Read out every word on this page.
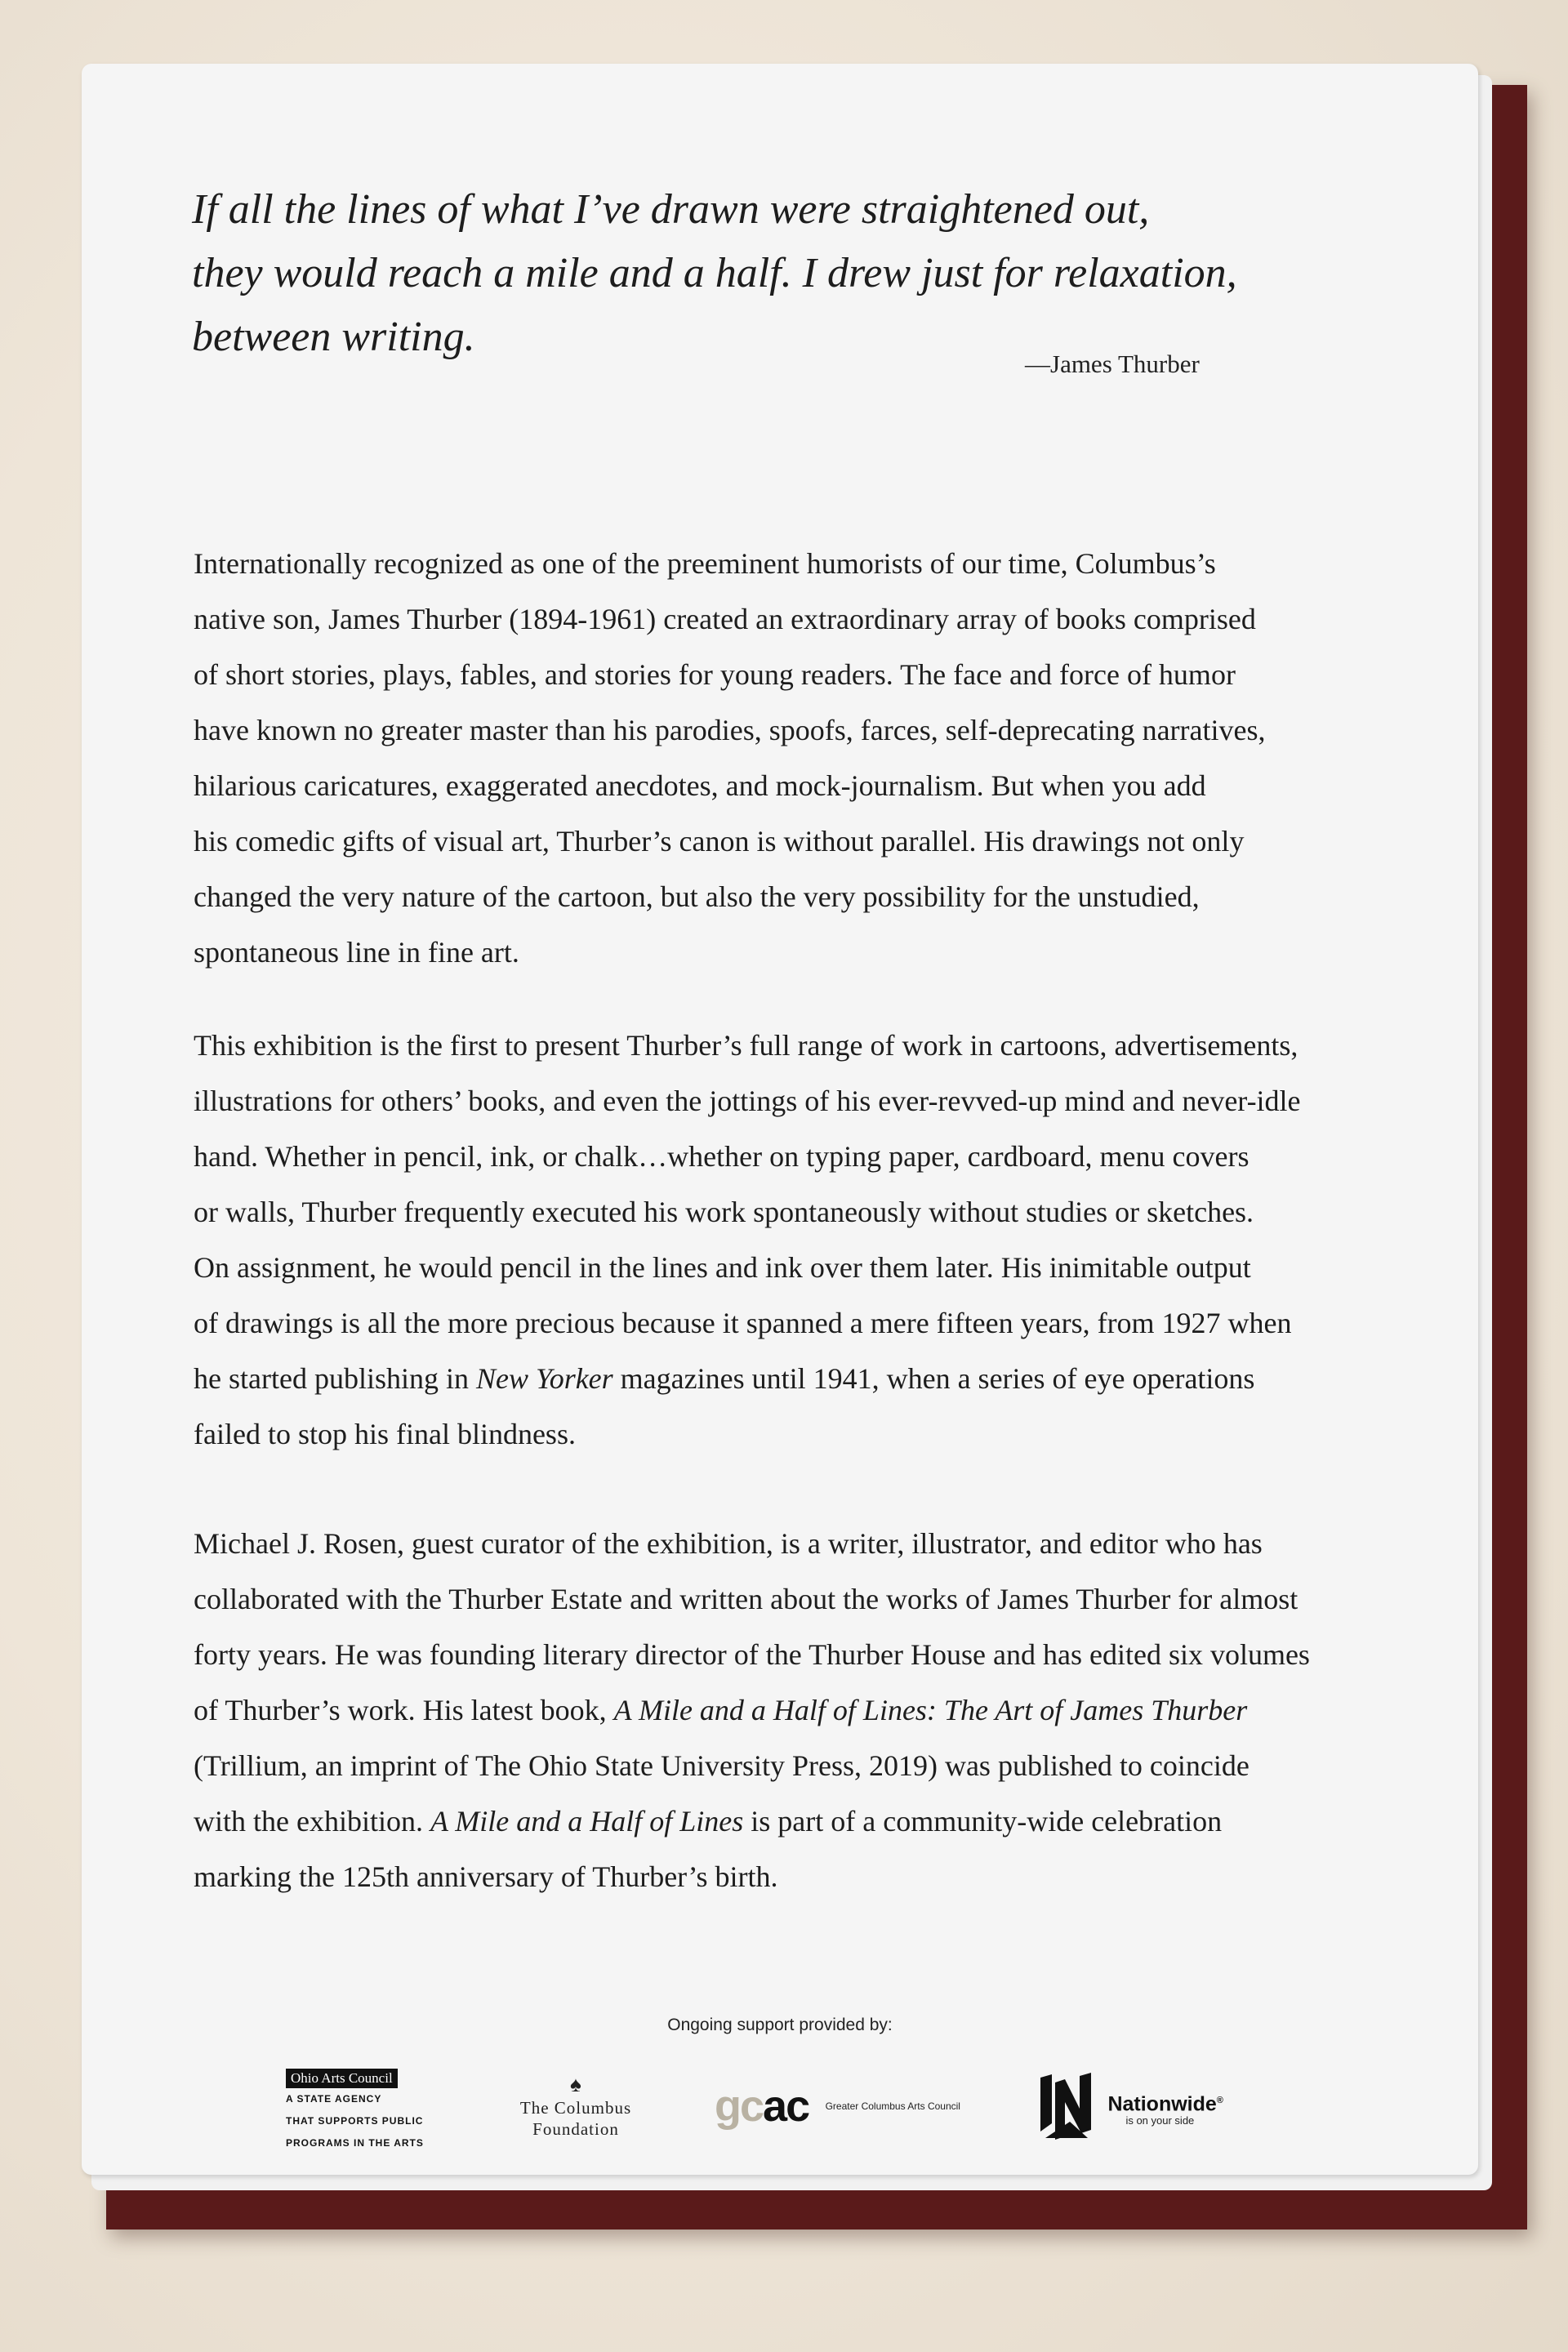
If all the lines of what I’ve drawn were straightened out,
they would reach a mile and a half. I drew just for relaxation,
between writing.
—James Thurber
Internationally recognized as one of the preeminent humorists of our time, Columbus’s
native son, James Thurber (1894-1961) created an extraordinary array of books comprised
of short stories, plays, fables, and stories for young readers. The face and force of humor
have known no greater master than his parodies, spoofs, farces, self-deprecating narratives,
hilarious caricatures, exaggerated anecdotes, and mock-journalism. But when you add
his comedic gifts of visual art, Thurber’s canon is without parallel. His drawings not only
changed the very nature of the cartoon, but also the very possibility for the unstudied,
spontaneous line in fine art.
This exhibition is the first to present Thurber’s full range of work in cartoons, advertisements,
illustrations for others’ books, and even the jottings of his ever-revved-up mind and never-idle
hand. Whether in pencil, ink, or chalk…whether on typing paper, cardboard, menu covers
or walls, Thurber frequently executed his work spontaneously without studies or sketches.
On assignment, he would pencil in the lines and ink over them later. His inimitable output
of drawings is all the more precious because it spanned a mere fifteen years, from 1927 when
he started publishing in New Yorker magazines until 1941, when a series of eye operations
failed to stop his final blindness.
Michael J. Rosen, guest curator of the exhibition, is a writer, illustrator, and editor who has
collaborated with the Thurber Estate and written about the works of James Thurber for almost
forty years. He was founding literary director of the Thurber House and has edited six volumes
of Thurber’s work. His latest book, A Mile and a Half of Lines: The Art of James Thurber
(Trillium, an imprint of The Ohio State University Press, 2019) was published to coincide
with the exhibition. A Mile and a Half of Lines is part of a community-wide celebration
marking the 125th anniversary of Thurber’s birth.
Ongoing support provided by:
Ohio Arts Council
A STATE AGENCY
THAT SUPPORTS PUBLIC
PROGRAMS IN THE ARTS
♠
The Columbus
Foundation	gcac Greater Columbus Arts Council
	Nationwide®
is on your side
